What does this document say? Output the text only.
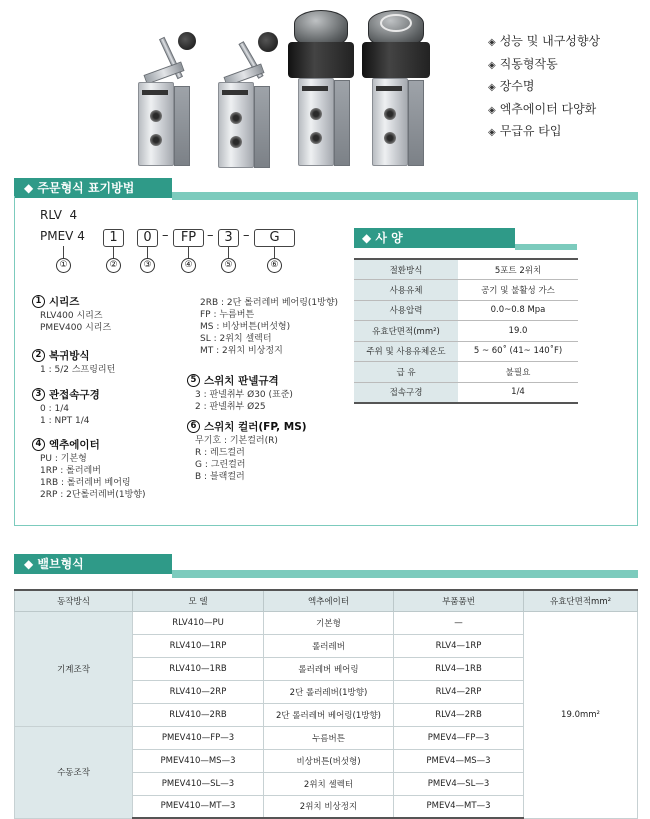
◈ 성능 및 내구성향상
◈ 직동형작동
◈ 장수명
◈ 엑추에이터 다양화
◈ 무급유 타입
◆ 주문형식 표기방법
RLV  4
PMEV 4	1	0 – FP – 3 –	G
①	②	③	④	⑤	⑥
1 시리즈
RLV400 시리즈
PMEV400 시리즈
2 복귀방식
1 : 5/2 스프링리턴
3 관접속구경
0 : 1/4
1 : NPT 1/4
4 엑추에이터
PU : 기본형
1RP : 롤러레버
1RB : 롤러레버 베어링
2RP : 2단롤러레버(1방향)
2RB : 2단 롤러레버 베어링(1방향)
FP : 누름버튼
MS : 비상버튼(버섯형)
SL : 2위치 셀렉터
MT : 2위치 비상정지
5 스위치 판넬규격
3 : 판넬취부 Ø30 (표준)
2 : 판넬취부 Ø25
6 스위치 컬러(FP, MS)
무기호 : 기본컬러(R)
R : 레드컬러
G : 그린컬러
B : 블랙컬러
◆ 사 양
절환방식	5포트 2위치
사용유체	공기 및 불활성 가스
사용압력	0.0~0.8 Mpa
유효단면적(mm²)	19.0
주위 및 사용유체온도	5 ~ 60˚ (41~ 140˚F)
급 유	불필요
접속구경	1/4
◆ 밸브형식
동작방식	모 델	엑추에이터	부품품번	유효단면적mm²
기계조작	RLV410—PU	기본형	—	19.0mm²
	RLV410—1RP	롤러레버	RLV4—1RP	
	RLV410—1RB	롤러레버 베어링	RLV4—1RB	
	RLV410—2RP	2단 롤러레버(1방향)	RLV4—2RP	
	RLV410—2RB	2단 롤러레버 베어링(1방향)	RLV4—2RB	
수동조작	PMEV410—FP—3	누름버튼	PMEV4—FP—3	
	PMEV410—MS—3	비상버튼(버섯형)	PMEV4—MS—3	
	PMEV410—SL—3	2위치 셀렉터	PMEV4—SL—3	
	PMEV410—MT—3	2위치 비상정지	PMEV4—MT—3	
